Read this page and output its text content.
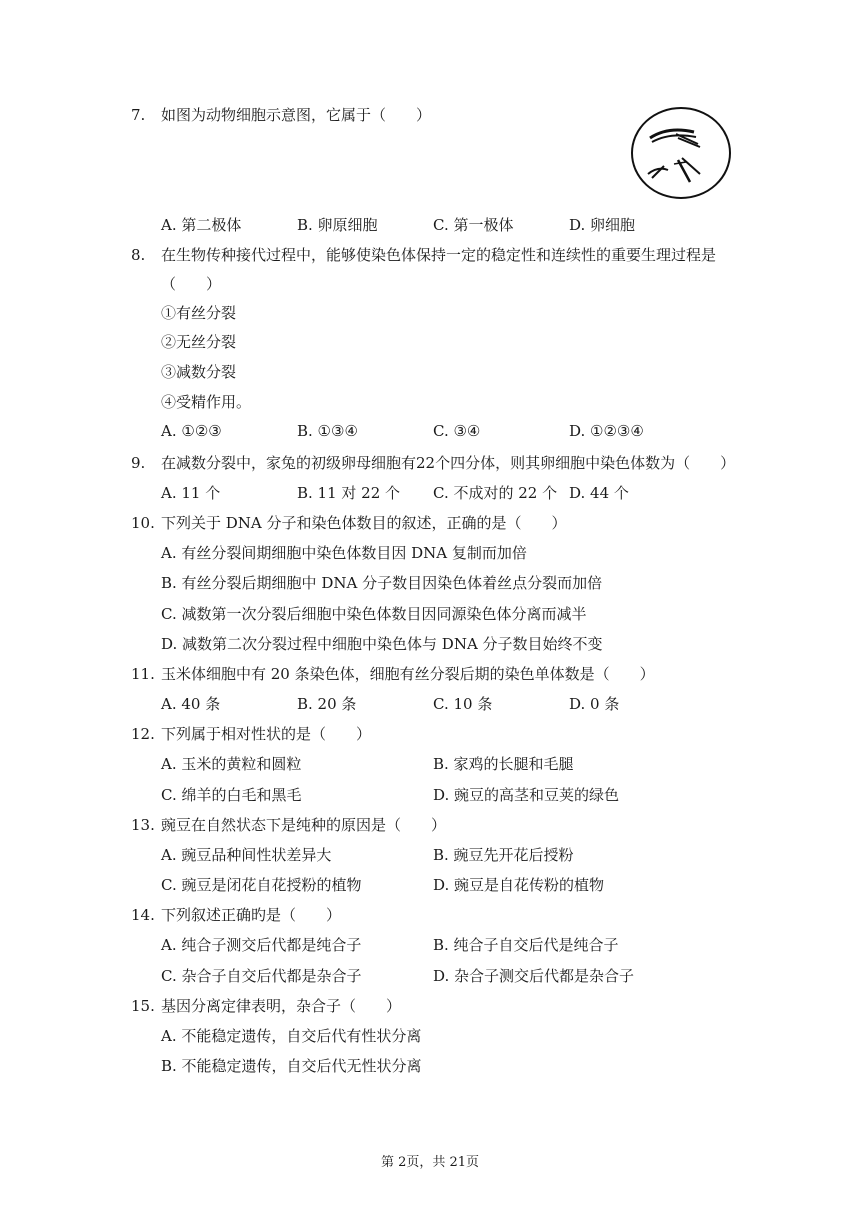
7. 如图为动物细胞示意图，它属于（　　）
A. 第二极体	B. 卵原细胞	C. 第一极体	D. 卵细胞
8. 在生物传种接代过程中，能够使染色体保持一定的稳定性和连续性的重要生理过程是
（　　）
①有丝分裂
②无丝分裂
③减数分裂
④受精作用。
A. ①②③	B. ①③④	C. ③④	D. ①②③④
9. 在减数分裂中，家兔的初级卵母细胞有22个四分体，则其卵细胞中染色体数为（　　）
A. 11 个	B. 11 对 22 个 C. 不成对的 22 个 D. 44 个
10. 下列关于 DNA 分子和染色体数目的叙述，正确的是（　　）
A. 有丝分裂间期细胞中染色体数目因 DNA 复制而加倍
B. 有丝分裂后期细胞中 DNA 分子数目因染色体着丝点分裂而加倍
C. 减数第一次分裂后细胞中染色体数目因同源染色体分离而减半
D. 减数第二次分裂过程中细胞中染色体与 DNA 分子数目始终不变
11. 玉米体细胞中有 20 条染色体，细胞有丝分裂后期的染色单体数是（　　）
A. 40 条	B. 20 条	C. 10 条	D. 0 条
12. 下列属于相对性状的是（　　）
A. 玉米的黄粒和圆粒	B. 家鸡的长腿和毛腿
C. 绵羊的白毛和黑毛	D. 豌豆的高茎和豆荚的绿色
13. 豌豆在自然状态下是纯种的原因是（　　）
A. 豌豆品种间性状差异大	B. 豌豆先开花后授粉
C. 豌豆是闭花自花授粉的植物	D. 豌豆是自花传粉的植物
14. 下列叙述正确旳是（　　）
A. 纯合子测交后代都是纯合子	B. 纯合子自交后代是纯合子
C. 杂合子自交后代都是杂合子	D. 杂合子测交后代都是杂合子
15. 基因分离定律表明，杂合子（　　）
A. 不能稳定遗传，自交后代有性状分离
B. 不能稳定遗传，自交后代无性状分离
第 2页，共 21页
